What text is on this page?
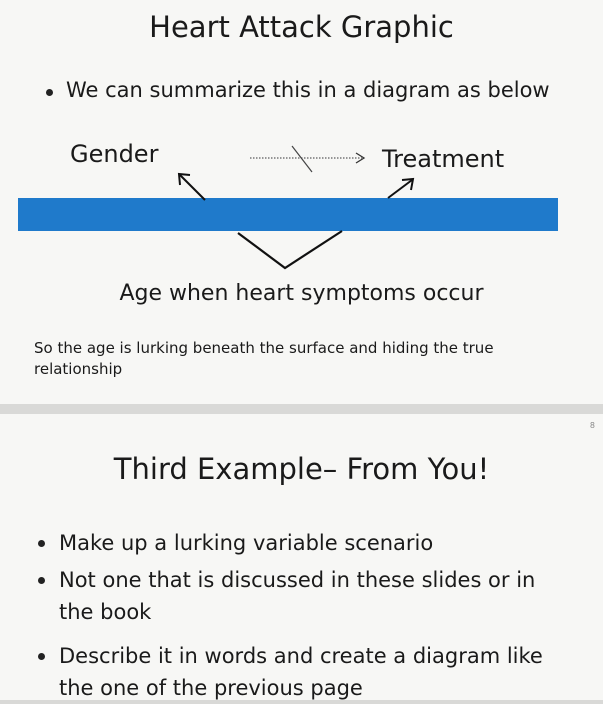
Heart Attack Graphic
We can summarize this in a diagram as below
Gender	Treatment
Age when heart symptoms occur
So the age is lurking beneath the surface and hiding the true relationship
8
Third Example– From You!
Make up a lurking variable scenario
Not one that is discussed in these slides or in the book
Describe it in words and create a diagram like the one of the previous page
